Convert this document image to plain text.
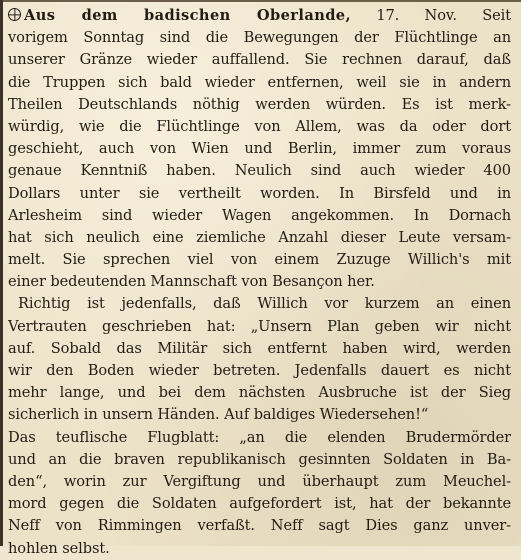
Aus dem badischen Oberlande, 17. Nov. Seit
vorigem Sonntag sind die Bewegungen der Flüchtlinge an
unserer Gränze wieder auffallend. Sie rechnen darauf, daß
die Truppen sich bald wieder entfernen, weil sie in andern
Theilen Deutschlands nöthig werden würden. Es ist merk-
würdig, wie die Flüchtlinge von Allem, was da oder dort
geschieht, auch von Wien und Berlin, immer zum voraus
genaue Kenntniß haben. Neulich sind auch wieder 400
Dollars unter sie vertheilt worden. In Birsfeld und in
Arlesheim sind wieder Wagen angekommen. In Dornach
hat sich neulich eine ziemliche Anzahl dieser Leute versam-
melt. Sie sprechen viel von einem Zuzuge Willich's mit
einer bedeutenden Mannschaft von Besançon her.

Richtig ist jedenfalls, daß Willich vor kurzem an einen
Vertrauten geschrieben hat: „Unsern Plan geben wir nicht
auf. Sobald das Militär sich entfernt haben wird, werden
wir den Boden wieder betreten. Jedenfalls dauert es nicht
mehr lange, und bei dem nächsten Ausbruche ist der Sieg
sicherlich in unsern Händen. Auf baldiges Wiedersehen!“

Das teuflische Flugblatt: „an die elenden Brudermörder
und an die braven republikanisch gesinnten Soldaten in Ba-
den“, worin zur Vergiftung und überhaupt zum Meuchel-
mord gegen die Soldaten aufgefordert ist, hat der bekannte
Neff von Rimmingen verfaßt. Neff sagt Dies ganz unver-
hohlen selbst.
